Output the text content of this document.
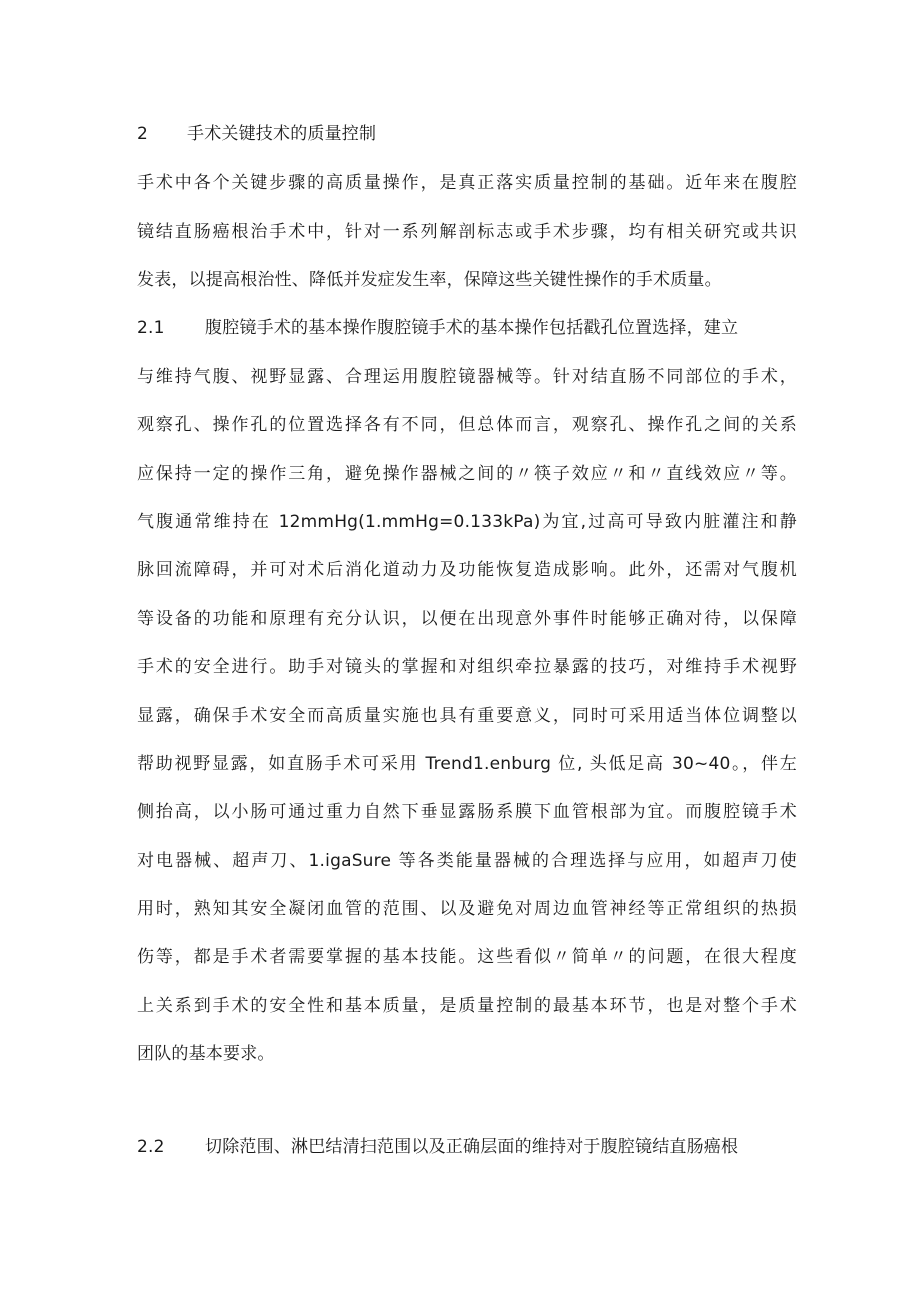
2 手术关键技术的质量控制
手术中各个关键步骤的高质量操作，是真正落实质量控制的基础。近年来在腹腔
镜结直肠癌根治手术中，针对一系列解剖标志或手术步骤，均有相关研究或共识
发表，以提高根治性、降低并发症发生率，保障这些关键性操作的手术质量。
2.1 腹腔镜手术的基本操作腹腔镜手术的基本操作包括戳孔位置选择，建立
与维持气腹、视野显露、合理运用腹腔镜器械等。针对结直肠不同部位的手术，
观察孔、操作孔的位置选择各有不同，但总体而言，观察孔、操作孔之间的关系
应保持一定的操作三角，避免操作器械之间的〃筷子效应〃和〃直线效应〃等。
气腹通常维持在 12mmHg(1.mmHg=0.133kPa)为宜,过高可导致内脏灌注和静
脉回流障碍，并可对术后消化道动力及功能恢复造成影响。此外，还需对气腹机
等设备的功能和原理有充分认识，以便在出现意外事件时能够正确对待，以保障
手术的安全进行。助手对镜头的掌握和对组织牵拉暴露的技巧，对维持手术视野
显露，确保手术安全而高质量实施也具有重要意义，同时可采用适当体位调整以
帮助视野显露，如直肠手术可采用 Trend1.enburg 位, 头低足高 30~40。，伴左
侧抬高，以小肠可通过重力自然下垂显露肠系膜下血管根部为宜。而腹腔镜手术
对电器械、超声刀、1.igaSure 等各类能量器械的合理选择与应用，如超声刀使
用时，熟知其安全凝闭血管的范围、以及避免对周边血管神经等正常组织的热损
伤等，都是手术者需要掌握的基本技能。这些看似〃简单〃的问题，在很大程度
上关系到手术的安全性和基本质量，是质量控制的最基本环节，也是对整个手术
团队的基本要求。
2.2 切除范围、淋巴结清扫范围以及正确层面的维持对于腹腔镜结直肠癌根
